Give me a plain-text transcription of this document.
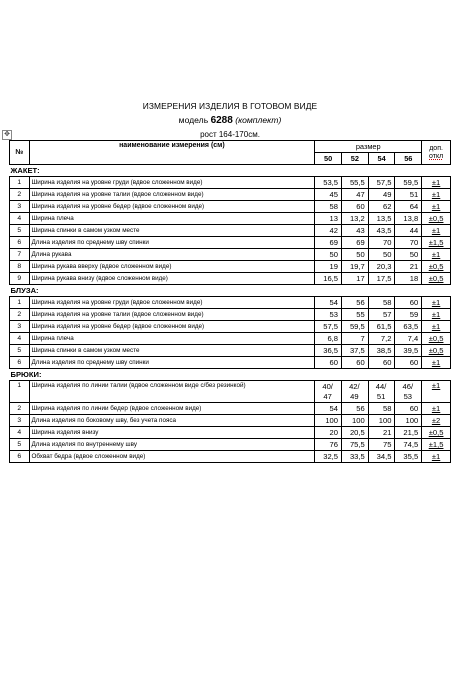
ИЗМЕРЕНИЯ ИЗДЕЛИЯ В ГОТОВОМ ВИДЕ
модель 6288 (комплект)
рост 164-170см.
✥
№	наименование измерения (см)	размер				доп.
откл
		50	52	54	56	
ЖАКЕТ:						
1	Ширина изделия на уровне груди (вдвое сложенном виде)	53,5	55,5	57,5	59,5	±1
2	Ширина изделия на уровне талии (вдвое сложенном виде)	45	47	49	51	±1
3	Ширина изделия на уровне бедер (вдвое сложенном виде)	58	60	62	64	±1
4	Ширина плеча	13	13,2	13,5	13,8	±0,5
5	Ширина спинки в самом узком месте	42	43	43,5	44	±1
6	Длина изделия по среднему шву спинки	69	69	70	70	±1,5
7	Длина рукава	50	50	50	50	±1
8	Ширина рукава вверху (вдвое сложенном виде)	19	19,7	20,3	21	±0,5
9	Ширина рукава внизу (вдвое сложенном виде)	16,5	17	17,5	18	±0,5
БЛУЗА:						
1	Ширина изделия на уровне груди (вдвое сложенном виде)	54	56	58	60	±1
2	Ширина изделия на уровне талии (вдвое сложенном виде)	53	55	57	59	±1
3	Ширина изделия на уровне бедер (вдвое сложенном виде)	57,5	59,5	61,5	63,5	±1
4	Ширина плеча	6,8	7	7,2	7,4	±0,5
5	Ширина спинки в самом узком месте	36,5	37,5	38,5	39,5	±0,5
6	Длина изделия по среднему шву спинки	60	60	60	60	±1
БРЮКИ:						
1	Ширина изделия по линии талии (вдвое сложенном виде с/без резинкой)	40/ 47	42/ 49	44/ 51	46/ 53	±1
2	Ширина изделия по линии бедер (вдвое сложенном виде)	54	56	58	60	±1
3	Длина изделия по боковому шву, без учета пояса	100	100	100	100	±2
4	Ширина изделия внизу	20	20,5	21	21,5	±0,5
5	Длина изделия по внутреннему шву	76	75,5	75	74,5	±1,5
6	Обхват бедра (вдвое сложенном виде)	32,5	33,5	34,5	35,5	±1
